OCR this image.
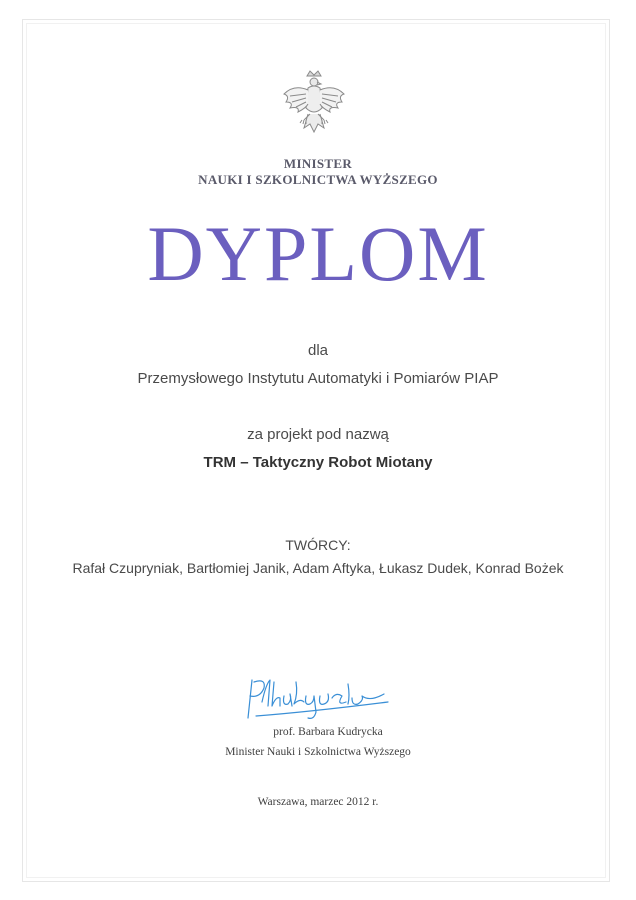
MINISTER
NAUKI I SZKOLNICTWA WYŻSZEGO
DYPLOM
dla
Przemysłowego Instytutu Automatyki i Pomiarów PIAP
za projekt pod nazwą
TRM – Taktyczny Robot Miotany
TWÓRCY:
Rafał Czupryniak, Bartłomiej Janik, Adam Aftyka, Łukasz Dudek, Konrad Bożek
prof. Barbara Kudrycka
Minister Nauki i Szkolnictwa Wyższego
Warszawa, marzec 2012 r.
